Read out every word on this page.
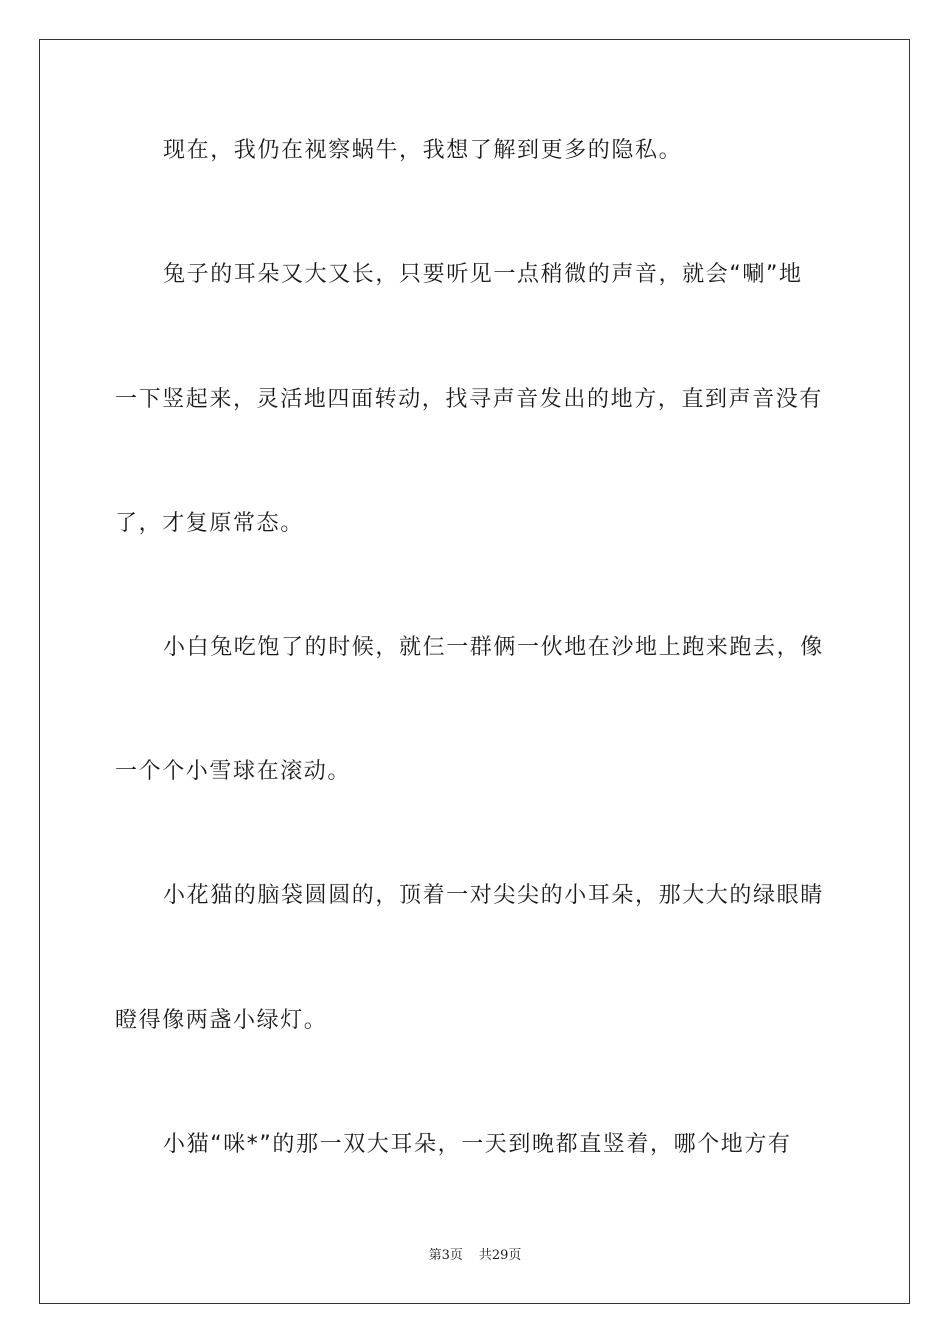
现在，我仍在视察蜗牛，我想了解到更多的隐私。
兔子的耳朵又大又长，只要听见一点稍微的声音，就会“唰”地
一下竖起来，灵活地四面转动，找寻声音发出的地方，直到声音没有
了，才复原常态。
小白兔吃饱了的时候，就仨一群俩一伙地在沙地上跑来跑去，像
一个个小雪球在滚动。
小花猫的脑袋圆圆的，顶着一对尖尖的小耳朵，那大大的绿眼睛
瞪得像两盏小绿灯。
小猫“咪*”的那一双大耳朵，一天到晚都直竖着，哪个地方有
第3页 共29页
